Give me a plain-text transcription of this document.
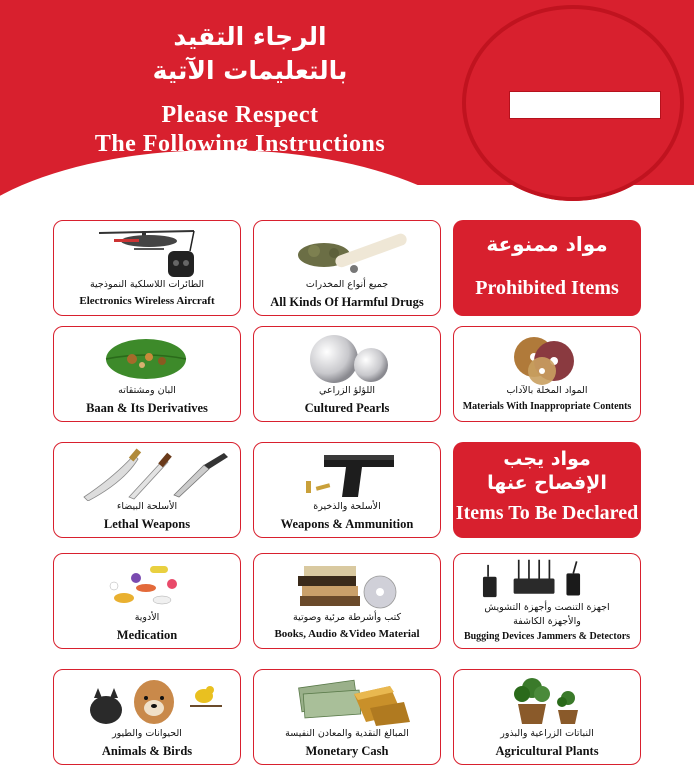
الرجاء التقيد
بالتعليمات الآتية
Please Respect
The Following Instructions
الطائرات اللاسلكية النموذجية
Electronics Wireless Aircraft
جميع أنواع المخدرات
All Kinds Of Harmful Drugs
مواد ممنوعة
Prohibited Items
البان ومشتقاته
Baan & Its Derivatives
اللؤلؤ الزراعي
Cultured Pearls
المواد المخلة بالآداب
Materials With Inappropriate Contents
الأسلحة البيضاء
Lethal Weapons
الأسلحة والذخيرة
Weapons & Ammunition
مواد يجب
الإفصاح عنها
Items To Be Declared
الأدوية
Medication
كتب وأشرطة مرئية وصوتية
Books, Audio &Video Material
اجهزة التنصت وأجهزة التشويش
والأجهزة الكاشفة
Bugging Devices Jammers & Detectors
الحيوانات والطيور
Animals & Birds
المبالغ النقدية والمعادن النفيسة
Monetary Cash
النباتات الزراعية والبذور
Agricultural Plants
